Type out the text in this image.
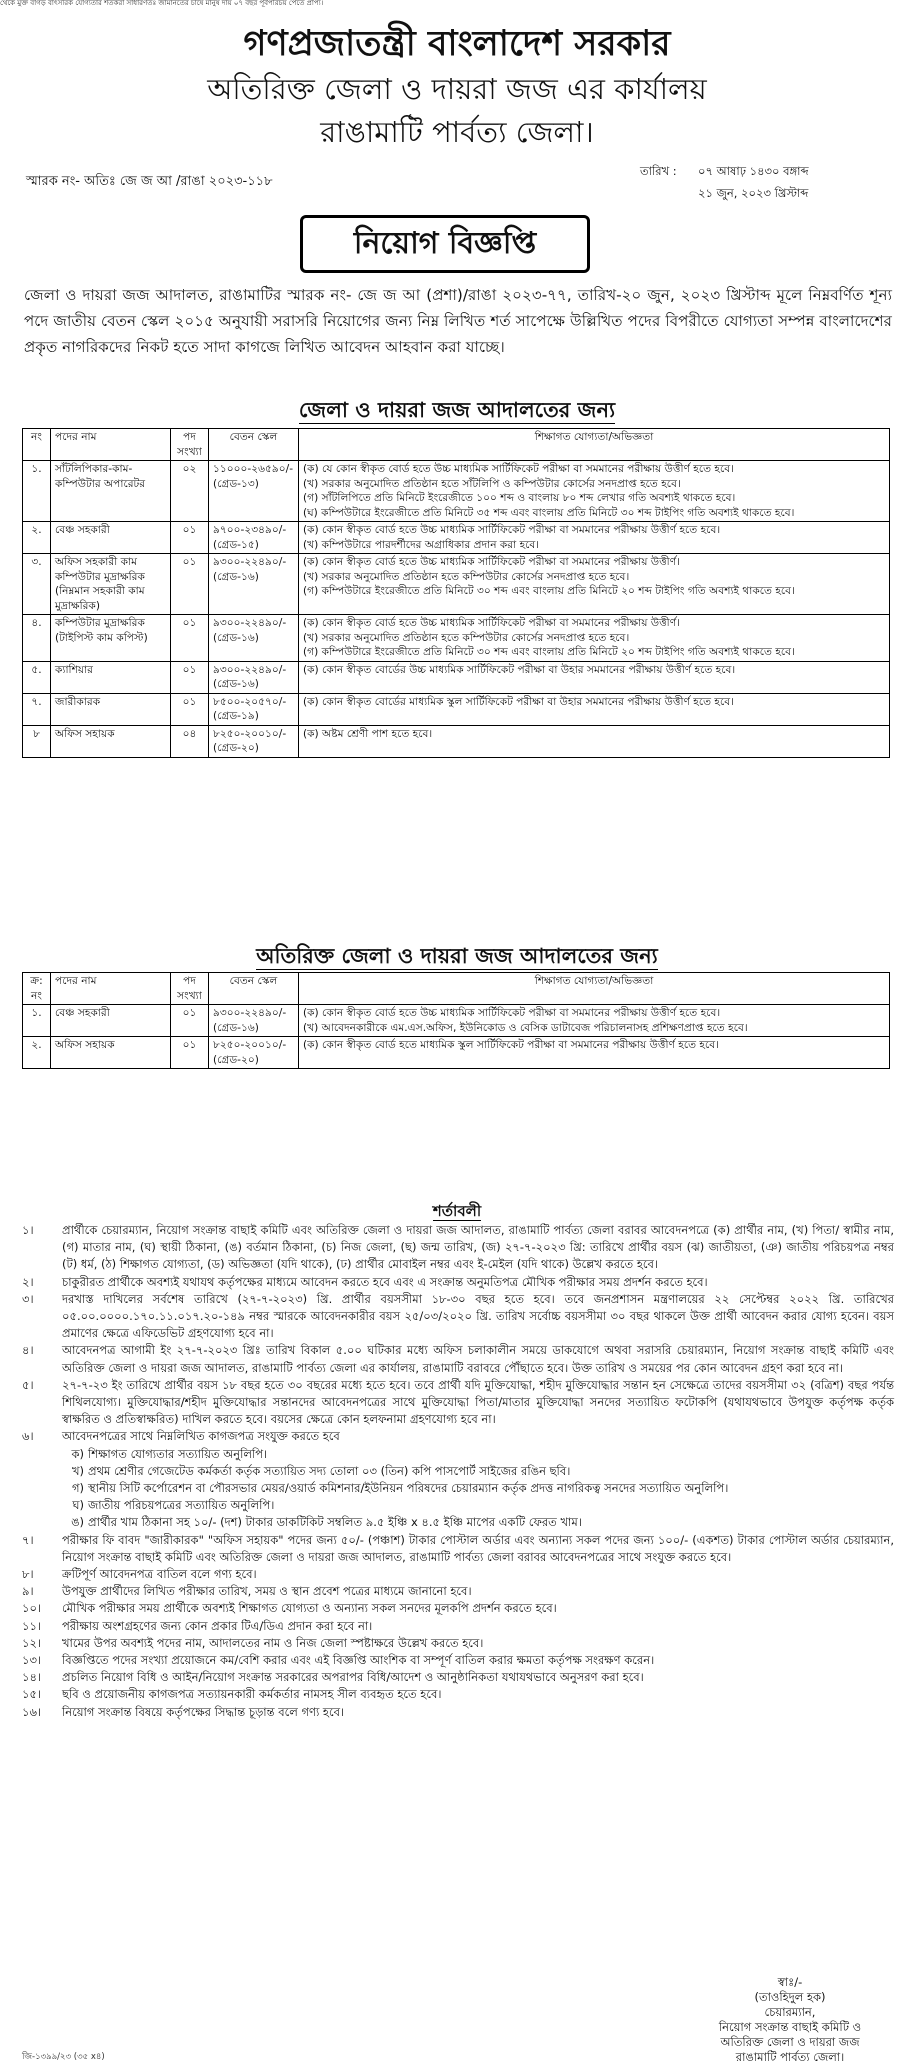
থেকে মুক্ত বাগড় বাৎসরিক যোগ্যতার শতকরা সাধারণতঃ জামানতের চাষে মানুষ দায় ০৭ বছর পূর্বপরিচয় পেতে প্রাপ্য।
গণপ্রজাতন্ত্রী বাংলাদেশ সরকার
অতিরিক্ত জেলা ও দায়রা জজ এর কার্যালয়
রাঙামাটি পার্বত্য জেলা।
স্মারক নং- অতিঃ জে জ আ /রাঙা ২০২৩-১১৮
তারিখ : ০৭ আষাঢ় ১৪৩০ বঙ্গাব্দ
২১ জুন, ২০২৩ খ্রিস্টাব্দ
নিয়োগ বিজ্ঞপ্তি
জেলা ও দায়রা জজ আদালত, রাঙামাটির স্মারক নং- জে জ আ (প্রশা)/রাঙা ২০২৩-৭৭, তারিখ-২০ জুন, ২০২৩ খ্রিস্টাব্দ মূলে নিম্নবর্ণিত শূন্য পদে জাতীয় বেতন স্কেল ২০১৫ অনুযায়ী সরাসরি নিয়োগের জন্য নিম্ন লিখিত শর্ত সাপেক্ষে উল্লিখিত পদের বিপরীতে যোগ্যতা সম্পন্ন বাংলাদেশের প্রকৃত নাগরিকদের নিকট হতে সাদা কাগজে লিখিত আবেদন আহবান করা যাচ্ছে।
জেলা ও দায়রা জজ আদালতের জন্য
নং	পদের নাম	পদ সংখ্যা	বেতন স্কেল	শিক্ষাগত যোগ্যতা/অভিজ্ঞতা
১.	সাঁটলিপিকার-কাম-কম্পিউটার অপারেটর	০২	১১০০০-২৬৫৯০/- (গ্রেড-১৩)	(ক) যে কোন স্বীকৃত বোর্ড হতে উচ্চ মাধ্যমিক সার্টিফিকেট পরীক্ষা বা সমমানের পরীক্ষায় উত্তীর্ণ হতে হবে।
(খ) সরকার অনুমোদিত প্রতিষ্ঠান হতে সাঁটলিপি ও কম্পিউটার কোর্সের সনদপ্রাপ্ত হতে হবে।
(গ) সাঁটলিপিতে প্রতি মিনিটে ইংরেজীতে ১০০ শব্দ ও বাংলায় ৮০ শব্দ লেখার গতি অবশ্যই থাকতে হবে।
(ঘ) কম্পিউটারে ইংরেজীতে প্রতি মিনিটে ৩৫ শব্দ এবং বাংলায় প্রতি মিনিটে ৩০ শব্দ টাইপিং গতি অবশ্যই থাকতে হবে।

২.	বেঞ্চ সহকারী	০১	৯৭০০-২৩৪৯০/- (গ্রেড-১৫)	(ক) কোন স্বীকৃত বোর্ড হতে উচ্চ মাধ্যমিক সার্টিফিকেট পরীক্ষা বা সমমানের পরীক্ষায় উত্তীর্ণ হতে হবে।
(খ) কম্পিউটারে পারদর্শীদের অগ্রাধিকার প্রদান করা হবে।

৩.	অফিস সহকারী কাম কম্পিউটার মুদ্রাক্ষরিক (নিম্নমান সহকারী কাম মুদ্রাক্ষরিক)	০১	৯৩০০-২২৪৯০/- (গ্রেড-১৬)	(ক) কোন স্বীকৃত বোর্ড হতে উচ্চ মাধ্যমিক সার্টিফিকেট পরীক্ষা বা সমমানের পরীক্ষায় উত্তীর্ণ।
(খ) সরকার অনুমোদিত প্রতিষ্ঠান হতে কম্পিউটার কোর্সের সনদপ্রাপ্ত হতে হবে।
(গ) কম্পিউটারে ইংরেজীতে প্রতি মিনিটে ৩০ শব্দ এবং বাংলায় প্রতি মিনিটে ২০ শব্দ টাইপিং গতি অবশ্যই থাকতে হবে।

৪.	কম্পিউটার মুদ্রাক্ষরিক (টাইপিস্ট কাম কপিস্ট)	০১	৯৩০০-২২৪৯০/- (গ্রেড-১৬)	(ক) কোন স্বীকৃত বোর্ড হতে উচ্চ মাধ্যমিক সার্টিফিকেট পরীক্ষা বা সমমানের পরীক্ষায় উত্তীর্ণ।
(খ) সরকার অনুমোদিত প্রতিষ্ঠান হতে কম্পিউটার কোর্সের সনদপ্রাপ্ত হতে হবে।
(গ) কম্পিউটারে ইংরেজীতে প্রতি মিনিটে ৩০ শব্দ এবং বাংলায় প্রতি মিনিটে ২০ শব্দ টাইপিং গতি অবশ্যই থাকতে হবে।

৫.	ক্যাশিয়ার	০১	৯৩০০-২২৪৯০/- (গ্রেড-১৬)	(ক) কোন স্বীকৃত বোর্ডের উচ্চ মাধ্যমিক সার্টিফিকেট পরীক্ষা বা উহার সমমানের পরীক্ষায় উত্তীর্ণ হতে হবে।

৭.	জারীকারক	০১	৮৫০০-২০৫৭০/- (গ্রেড-১৯)	(ক) কোন স্বীকৃত বোর্ডের মাধ্যমিক স্কুল সার্টিফিকেট পরীক্ষা বা উহার সমমানের পরীক্ষায় উত্তীর্ণ হতে হবে।

৮	অফিস সহায়ক	০৪	৮২৫০-২০০১০/- (গ্রেড-২০)	(ক) অষ্টম শ্রেণী পাশ হতে হবে।
অতিরিক্ত জেলা ও দায়রা জজ আদালতের জন্য
ক্র: নং	পদের নাম	পদ সংখ্যা	বেতন স্কেল	শিক্ষাগত যোগ্যতা/অভিজ্ঞতা
১.	বেঞ্চ সহকারী	০১	৯৩০০-২২৪৯০/- (গ্রেড-১৬)	(ক) কোন স্বীকৃত বোর্ড হতে উচ্চ মাধ্যমিক সার্টিফিকেট পরীক্ষা বা সমমানের পরীক্ষায় উত্তীর্ণ হতে হবে।
(খ) আবেদনকারীকে এম.এস.অফিস, ইউনিকোড ও বেসিক ডাটাবেজ পরিচালনাসহ প্রশিক্ষণপ্রাপ্ত হতে হবে।

২.	অফিস সহায়ক	০১	৮২৫০-২০০১০/- (গ্রেড-২০)	(ক) কোন স্বীকৃত বোর্ড হতে মাধ্যমিক স্কুল সার্টিফিকেট পরীক্ষা বা সমমানের পরীক্ষায় উত্তীর্ণ হতে হবে।
শর্তাবলী
১।	প্রার্থীকে চেয়ারম্যান, নিয়োগ সংক্রান্ত বাছাই কমিটি এবং অতিরিক্ত জেলা ও দায়রা জজ আদালত, রাঙামাটি পার্বত্য জেলা বরাবর আবেদনপত্রে (ক) প্রার্থীর নাম, (খ) পিতা/ স্বামীর নাম, (গ) মাতার নাম, (ঘ) স্থায়ী ঠিকানা, (ঙ) বর্তমান ঠিকানা, (চ) নিজ জেলা, (ছ) জন্ম তারিখ, (জ) ২৭-৭-২০২৩ খ্রি: তারিখে প্রার্থীর বয়স (ঝ) জাতীয়তা, (ঞ) জাতীয় পরিচয়পত্র নম্বর (ট) ধর্ম, (ঠ) শিক্ষাগত যোগ্যতা, (ড) অভিজ্ঞতা (যদি থাকে), (ঢ) প্রার্থীর মোবাইল নম্বর এবং ই-মেইল (যদি থাকে) উল্লেখ করতে হবে।
২।	চাকুরীরত প্রার্থীকে অবশ্যই যথাযথ কর্তৃপক্ষের মাধ্যমে আবেদন করতে হবে এবং এ সংক্রান্ত অনুমতিপত্র মৌখিক পরীক্ষার সময় প্রদর্শন করতে হবে।
৩।	দরখাস্ত দাখিলের সর্বশেষ তারিখে (২৭-৭-২০২৩) খ্রি. প্রার্থীর বয়সসীমা ১৮-৩০ বছর হতে হবে। তবে জনপ্রশাসন মন্ত্রণালয়ের ২২ সেপ্টেম্বর ২০২২ খ্রি. তারিখের ০৫.০০.০০০০.১৭০.১১.০১৭.২০-১৪৯ নম্বর স্মারকে আবেদনকারীর বয়স ২৫/০৩/২০২০ খ্রি. তারিখ সর্বোচ্চ বয়সসীমা ৩০ বছর থাকলে উক্ত প্রার্থী আবেদন করার যোগ্য হবেন। বয়স প্রমাণের ক্ষেত্রে এফিডেভিট গ্রহণযোগ্য হবে না।
৪।	আবেদনপত্র আগামী ইং ২৭-৭-২০২৩ খ্রিঃ তারিখ বিকাল ৫.০০ ঘটিকার মধ্যে অফিস চলাকালীন সময়ে ডাকযোগে অথবা সরাসরি চেয়ারম্যান, নিয়োগ সংক্রান্ত বাছাই কমিটি এবং অতিরিক্ত জেলা ও দায়রা জজ আদালত, রাঙামাটি পার্বত্য জেলা এর কার্যালয়, রাঙামাটি বরাবরে পৌঁছাতে হবে। উক্ত তারিখ ও সময়ের পর কোন আবেদন গ্রহণ করা হবে না।
৫।	২৭-৭-২৩ ইং তারিখে প্রার্থীর বয়স ১৮ বছর হতে ৩০ বছরের মধ্যে হতে হবে। তবে প্রার্থী যদি মুক্তিযোদ্ধা, শহীদ মুক্তিযোদ্ধার সন্তান হন সেক্ষেত্রে তাদের বয়সসীমা ৩২ (বত্রিশ) বছর পর্যন্ত শিথিলযোগ্য। মুক্তিযোদ্ধার/শহীদ মুক্তিযোদ্ধার সন্তানদের আবেদনপত্রের সাথে মুক্তিযোদ্ধা পিতা/মাতার মুক্তিযোদ্ধা সনদের সত্যায়িত ফটোকপি (যথাযথভাবে উপযুক্ত কর্তৃপক্ষ কর্তৃক স্বাক্ষরিত ও প্রতিস্বাক্ষরিত) দাখিল করতে হবে। বয়সের ক্ষেত্রে কোন হলফনামা গ্রহণযোগ্য হবে না।
৬।	আবেদনপত্রের সাথে নিম্নলিখিত কাগজপত্র সংযুক্ত করতে হবে
ক) শিক্ষাগত যোগ্যতার সত্যায়িত অনুলিপি।
খ) প্রথম শ্রেণীর গেজেটেড কর্মকর্তা কর্তৃক সত্যায়িত সদ্য তোলা ০৩ (তিন) কপি পাসপোর্ট সাইজের রঙিন ছবি।
গ) স্থানীয় সিটি কর্পোরেশন বা পৌরসভার মেয়র/ওয়ার্ড কমিশনার/ইউনিয়ন পরিষদের চেয়ারম্যান কর্তৃক প্রদত্ত নাগরিকত্ব সনদের সত্যায়িত অনুলিপি।
ঘ) জাতীয় পরিচয়পত্রের সত্যায়িত অনুলিপি।
ঙ) প্রার্থীর খাম ঠিকানা সহ ১০/- (দশ) টাকার ডাকটিকিট সম্বলিত ৯.৫ ইঞ্চি x ৪.৫ ইঞ্চি মাপের একটি ফেরত খাম।
৭।	পরীক্ষার ফি বাবদ "জারীকারক" "অফিস সহায়ক" পদের জন্য ৫০/- (পঞ্চাশ) টাকার পোস্টাল অর্ডার এবং অন্যান্য সকল পদের জন্য ১০০/- (একশত) টাকার পোস্টাল অর্ডার চেয়ারম্যান, নিয়োগ সংক্রান্ত বাছাই কমিটি এবং অতিরিক্ত জেলা ও দায়রা জজ আদালত, রাঙামাটি পার্বত্য জেলা বরাবর আবেদনপত্রের সাথে সংযুক্ত করতে হবে।
৮।	ক্রটিপূর্ণ আবেদনপত্র বাতিল বলে গণ্য হবে।
৯।	উপযুক্ত প্রার্থীদের লিখিত পরীক্ষার তারিখ, সময় ও স্থান প্রবেশ পত্রের মাধ্যমে জানানো হবে।
১০।	মৌখিক পরীক্ষার সময় প্রার্থীকে অবশ্যই শিক্ষাগত যোগ্যতা ও অন্যান্য সকল সনদের মূলকপি প্রদর্শন করতে হবে।
১১।	পরীক্ষায় অংশগ্রহণের জন্য কোন প্রকার টিএ/ডিএ প্রদান করা হবে না।
১২।	খামের উপর অবশ্যই পদের নাম, আদালতের নাম ও নিজ জেলা স্পষ্টাক্ষরে উল্লেখ করতে হবে।
১৩।	বিজ্ঞপ্তিতে পদের সংখ্যা প্রয়োজনে কম/বেশি করার এবং এই বিজ্ঞপ্তি আংশিক বা সম্পূর্ণ বাতিল করার ক্ষমতা কর্তৃপক্ষ সংরক্ষণ করেন।
১৪।	প্রচলিত নিয়োগ বিধি ও আইন/নিয়োগ সংক্রান্ত সরকারের অপরাপর বিধি/আদেশ ও আনুষ্ঠানিকতা যথাযথভাবে অনুসরণ করা হবে।
১৫।	ছবি ও প্রয়োজনীয় কাগজপত্র সত্যায়নকারী কর্মকর্তার নামসহ সীল ব্যবহৃত হতে হবে।
১৬।	নিয়োগ সংক্রান্ত বিষয়ে কর্তৃপক্ষের সিদ্ধান্ত চূড়ান্ত বলে গণ্য হবে।
স্বাঃ/-
(তাওহিদুল হক)
চেয়ারম্যান,
নিয়োগ সংক্রান্ত বাছাই কমিটি ও
অতিরিক্ত জেলা ও দায়রা জজ
রাঙামাটি পার্বত্য জেলা।
জি-১৩৯৯/২৩ (৩৫ x৪)
